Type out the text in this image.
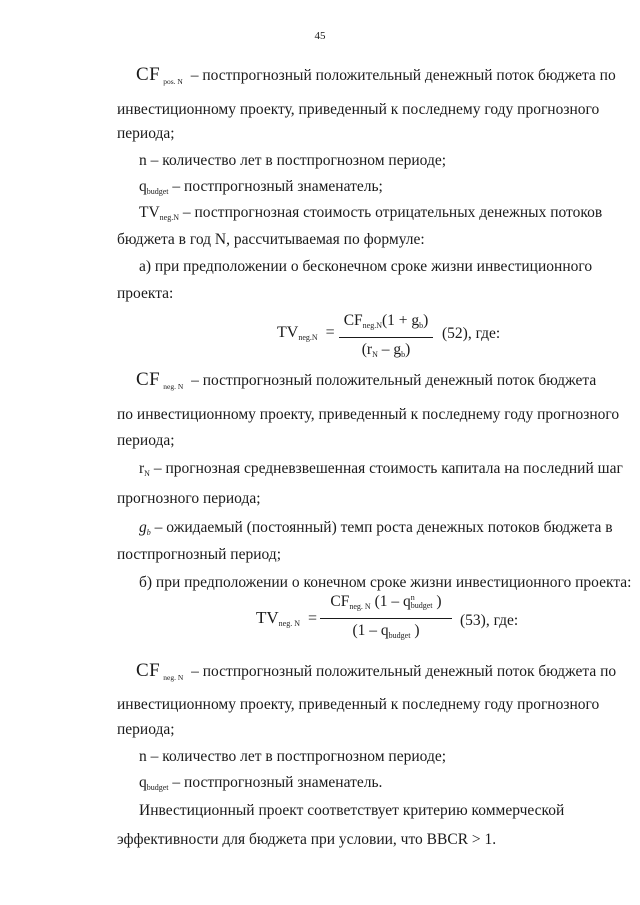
45
CF $_{pos. N}$ – постпрогнозный положительный денежный поток бюджета по
инвестиционному проекту, приведенный к последнему году прогнозного
периода;
n – количество лет в постпрогнозном периоде;
$q_{budget}$ – постпрогнозный знаменатель;
$TV_{neg.N}$ – постпрогнозная стоимость отрицательных денежных потоков
бюджета в год N, рассчитываемая по формуле:
а) при предположении о бесконечном сроке жизни инвестиционного
проекта:
TVneg.N =
CFneg.N(1 + gb)
(rN – gb)
(52), где:
CF $_{neg. N}$ – постпрогнозный положительный денежный поток бюджета
по инвестиционному проекту, приведенный к последнему году прогнозного
периода;
$r_N$ – прогнозная средневзвешенная стоимость капитала на последний шаг
прогнозного периода;
$g_b$ – ожидаемый (постоянный) темп роста денежных потоков бюджета в
постпрогнозный период;
б) при предположении о конечном сроке жизни инвестиционного проекта:
TVneg. N =
CFneg. N (1 – q n
budget )
(1 – qbudget )
(53), где:
CF $_{neg. N}$ – постпрогнозный положительный денежный поток бюджета по
инвестиционному проекту, приведенный к последнему году прогнозного
периода;
n – количество лет в постпрогнозном периоде;
$q_{budget}$ – постпрогнозный знаменатель.
Инвестиционный проект соответствует критерию коммерческой
эффективности для бюджета при условии, что BBCR > 1.
